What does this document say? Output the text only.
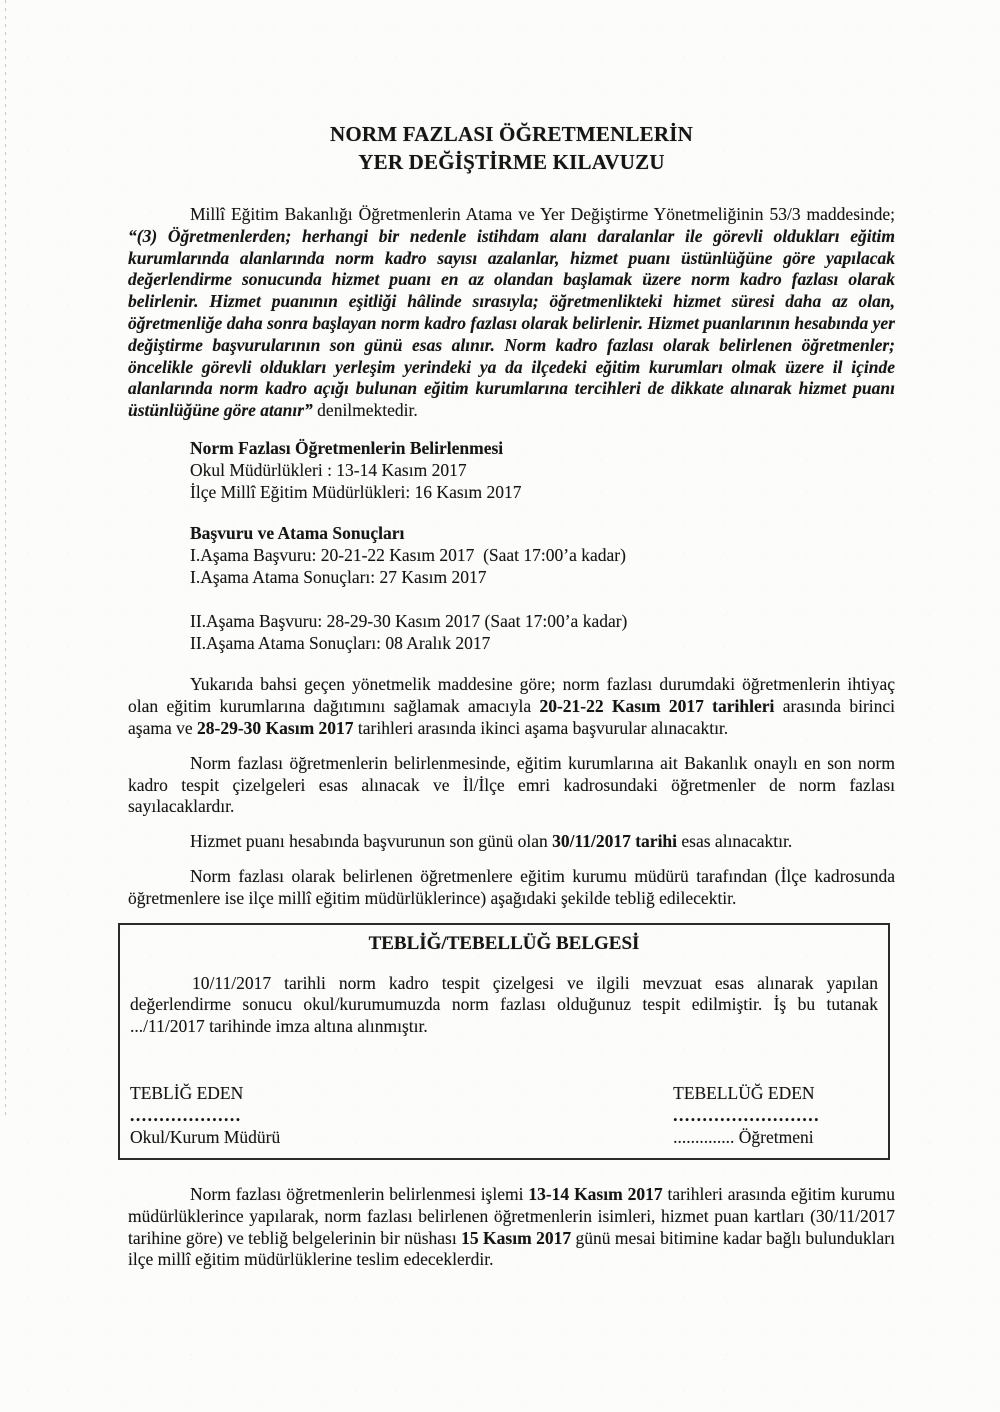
NORM FAZLASI ÖĞRETMENLERİN
YER DEĞİŞTİRME KILAVUZU

Millî Eğitim Bakanlığı Öğretmenlerin Atama ve Yer Değiştirme Yönetmeliğinin 53/3 maddesinde; “(3) Öğretmenlerden; herhangi bir nedenle istihdam alanı daralanlar ile görevli oldukları eğitim kurumlarında alanlarında norm kadro sayısı azalanlar, hizmet puanı üstünlüğüne göre yapılacak değerlendirme sonucunda hizmet puanı en az olandan başlamak üzere norm kadro fazlası olarak belirlenir. Hizmet puanının eşitliği hâlinde sırasıyla; öğretmenlikteki hizmet süresi daha az olan, öğretmenliğe daha sonra başlayan norm kadro fazlası olarak belirlenir. Hizmet puanlarının hesabında yer değiştirme başvurularının son günü esas alınır. Norm kadro fazlası olarak belirlenen öğretmenler; öncelikle görevli oldukları yerleşim yerindeki ya da ilçedeki eğitim kurumları olmak üzere il içinde alanlarında norm kadro açığı bulunan eğitim kurumlarına tercihleri de dikkate alınarak hizmet puanı üstünlüğüne göre atanır” denilmektedir.

Norm Fazlası Öğretmenlerin Belirlenmesi
Okul Müdürlükleri : 13-14 Kasım 2017
İlçe Millî Eğitim Müdürlükleri: 16 Kasım 2017
Başvuru ve Atama Sonuçları
I.Aşama Başvuru: 20-21-22 Kasım 2017  (Saat 17:00’a kadar)
I.Aşama Atama Sonuçları: 27 Kasım 2017
II.Aşama Başvuru: 28-29-30 Kasım 2017 (Saat 17:00’a kadar)
II.Aşama Atama Sonuçları: 08 Aralık 2017

Yukarıda bahsi geçen yönetmelik maddesine göre; norm fazlası durumdaki öğretmenlerin ihtiyaç olan eğitim kurumlarına dağıtımını sağlamak amacıyla 20-21-22 Kasım 2017 tarihleri arasında birinci aşama ve 28-29-30 Kasım 2017 tarihleri arasında ikinci aşama başvurular alınacaktır.

Norm fazlası öğretmenlerin belirlenmesinde, eğitim kurumlarına ait Bakanlık onaylı en son norm kadro tespit çizelgeleri esas alınacak ve İl/İlçe emri kadrosundaki öğretmenler de norm fazlası sayılacaklardır.

Hizmet puanı hesabında başvurunun son günü olan 30/11/2017 tarihi esas alınacaktır.

Norm fazlası olarak belirlenen öğretmenlere eğitim kurumu müdürü tarafından (İlçe kadrosunda öğretmenlere ise ilçe millî eğitim müdürlüklerince) aşağıdaki şekilde tebliğ edilecektir.

TEBLİĞ/TEBELLÜĞ BELGESİ

10/11/2017 tarihli norm kadro tespit çizelgesi ve ilgili mevzuat esas alınarak yapılan değerlendirme sonucu okul/kurumumuzda norm fazlası olduğunuz tespit edilmiştir. İş bu tutanak .../11/2017 tarihinde imza altına alınmıştır.

TEBLİĞ EDEN
...................
Okul/Kurum Müdürü
TEBELLÜĞ EDEN
.........................
.............. Öğretmeni

Norm fazlası öğretmenlerin belirlenmesi işlemi 13-14 Kasım 2017 tarihleri arasında eğitim kurumu müdürlüklerince yapılarak, norm fazlası belirlenen öğretmenlerin isimleri, hizmet puan kartları (30/11/2017 tarihine göre) ve tebliğ belgelerinin bir nüshası 15 Kasım 2017 günü mesai bitimine kadar bağlı bulundukları ilçe millî eğitim müdürlüklerine teslim edeceklerdir.
